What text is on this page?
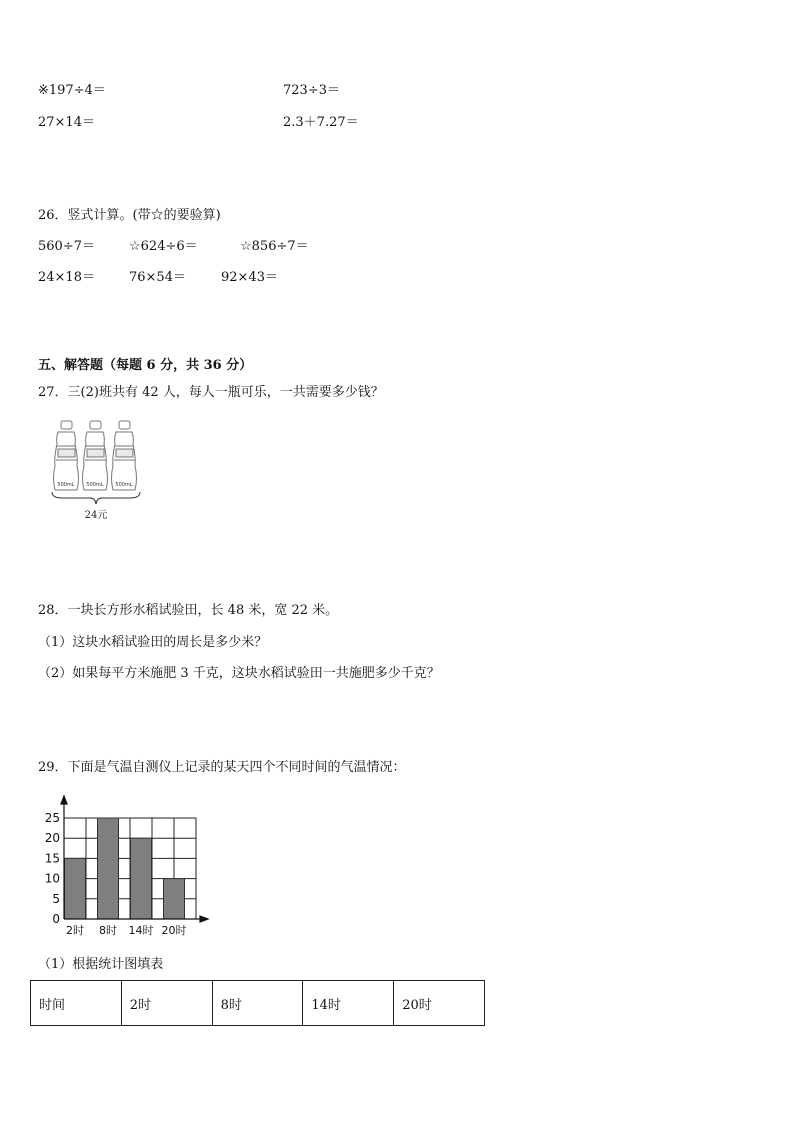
※197÷4＝	723÷3＝
27×14＝	2.3＋7.27＝
26．竖式计算。(带☆的要验算)
560÷7＝	☆624÷6＝	☆856÷7＝
24×18＝	76×54＝	92×43＝
五、解答题（每题 6 分，共 36 分）
27．三(2)班共有 42 人，每人一瓶可乐，一共需要多少钱？
500mL 500mL 500mL
24元
28．一块长方形水稻试验田，长 48 米，宽 22 米。
（1）这块水稻试验田的周长是多少米？
（2）如果每平方米施肥 3 千克，这块水稻试验田一共施肥多少千克？
29．下面是气温自测仪上记录的某天四个不同时间的气温情况：
0
5
10
15
20
25
2时 8时 14时 20时
（1）根据统计图填表
时间	2时	8时	14时	20时
